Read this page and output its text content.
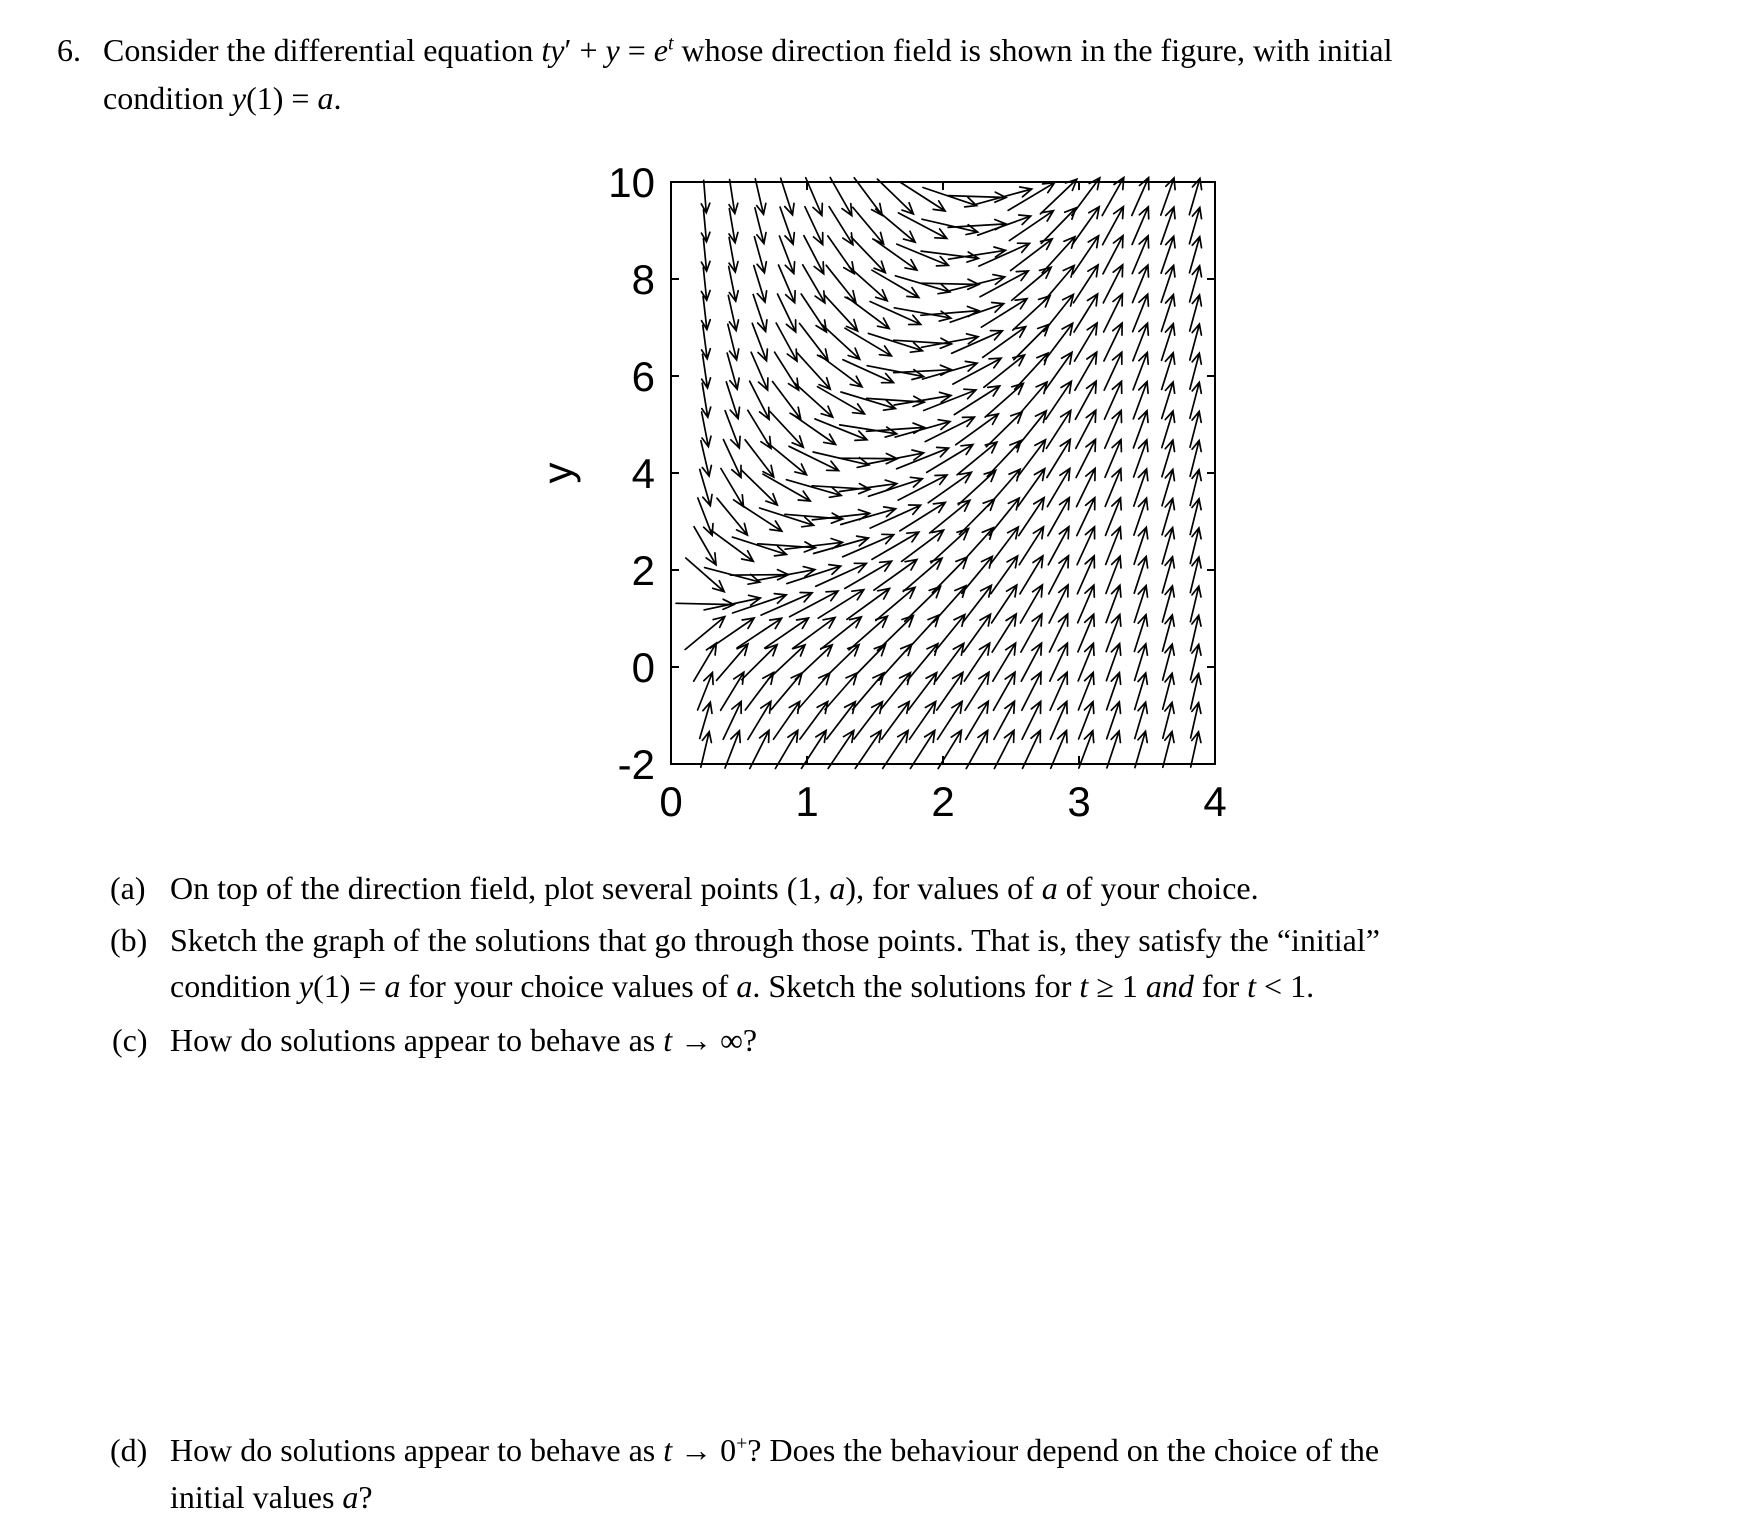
6. Consider the differential equation $ty' + y = e^t$ whose direction field is shown in the figure, with initial
condition y(1) = a.
0	1	2	3	4
-2
0
2
4
6
8
10
y
(a) On top of the direction field, plot several points (1, a), for values of a of your choice.
(b) Sketch the graph of the solutions that go through those points. That is, they satisfy the “initial”
condition y(1) = a for your choice values of a. Sketch the solutions for t ≥ 1 and for t < 1.
(c) How do solutions appear to behave as t → ∞?
(d) How do solutions appear to behave as t → 0+? Does the behaviour depend on the choice of the
initial values a?
